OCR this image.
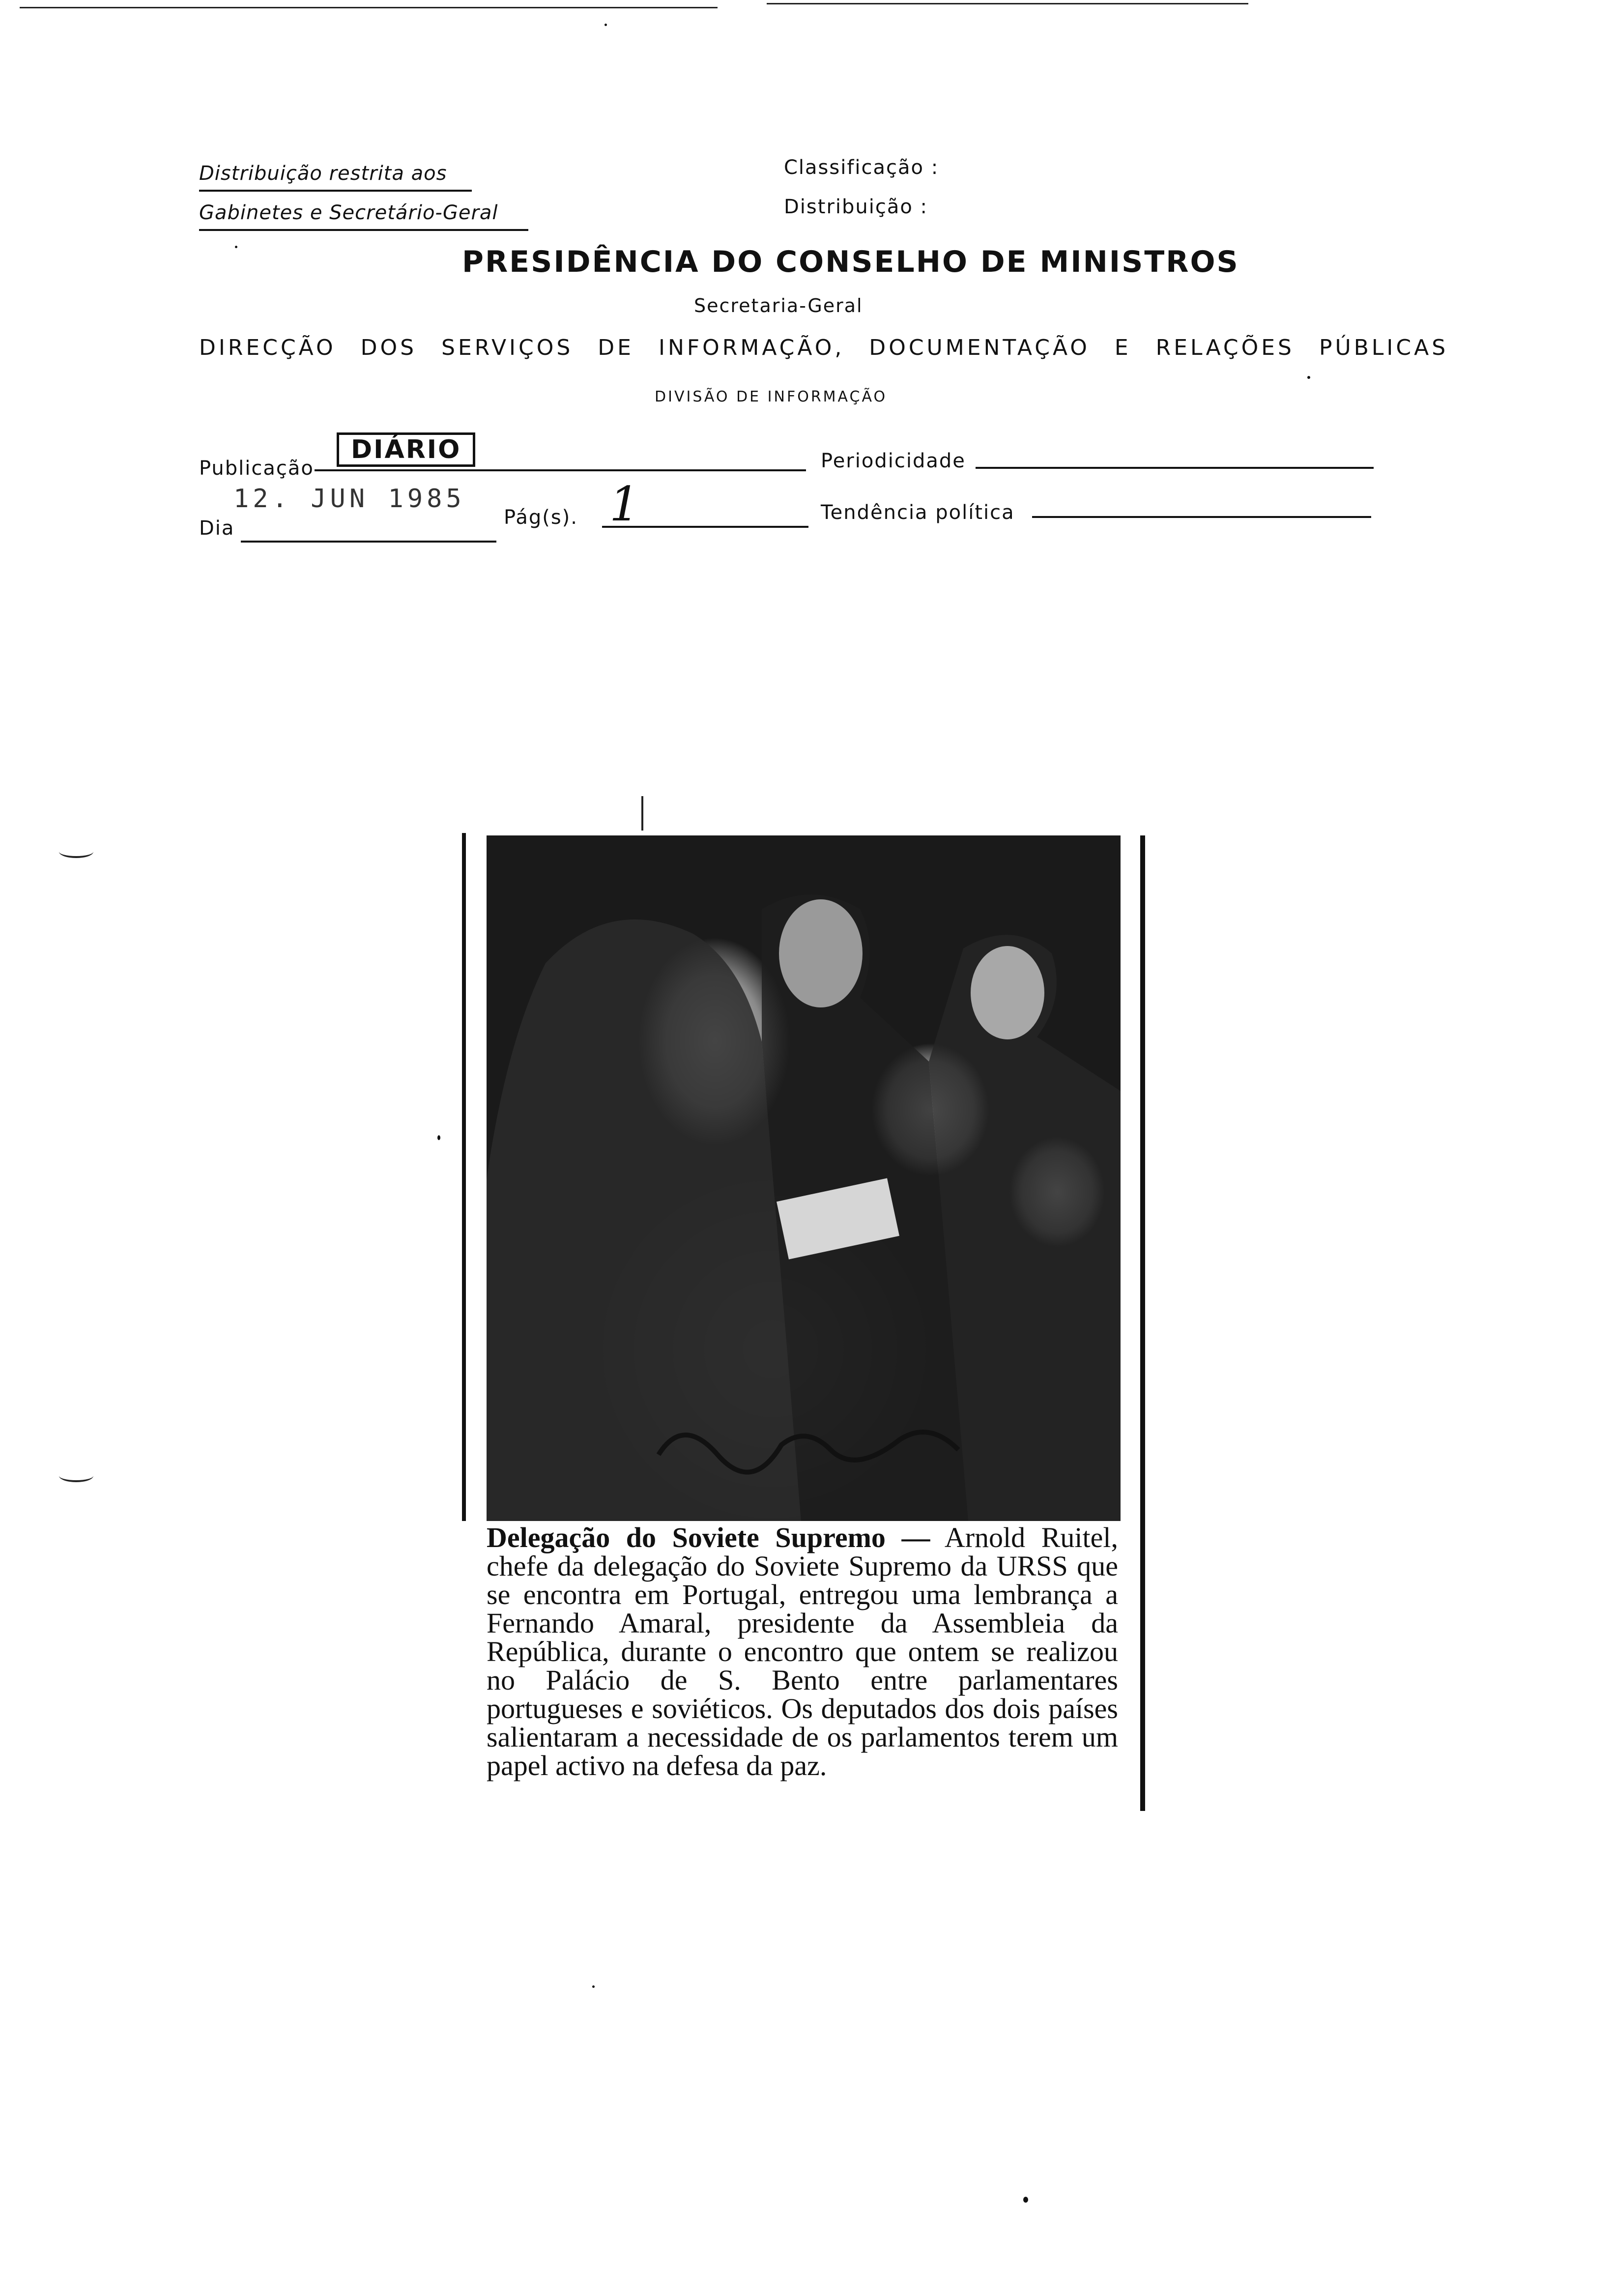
Distribuição restrita aos
Gabinetes e Secretário-Geral
Classificação :
Distribuição :
PRESIDÊNCIA DO CONSELHO DE MINISTROS
Secretaria-Geral
DIRECÇÃO DOS SERVIÇOS DE INFORMAÇÃO, DOCUMENTAÇÃO E RELAÇÕES PÚBLICAS
DIVISÃO DE INFORMAÇÃO
Publicação
DIÁRIO	Periodicidade
Dia
12. JUN 1985
Pág(s). 1	Tendência política
Delegação do Soviete Supremo — Arnold Ruitel, chefe da delegação do Soviete Supremo da URSS que se encontra em Portugal, entregou uma lembrança a Fernando Amaral, presidente da Assembleia da República, durante o encontro que ontem se realizou no Palácio de S. Bento entre parlamentares portugueses e soviéticos. Os deputados dos dois países salientaram a necessidade de os parlamentos terem um papel activo na defesa da paz.
